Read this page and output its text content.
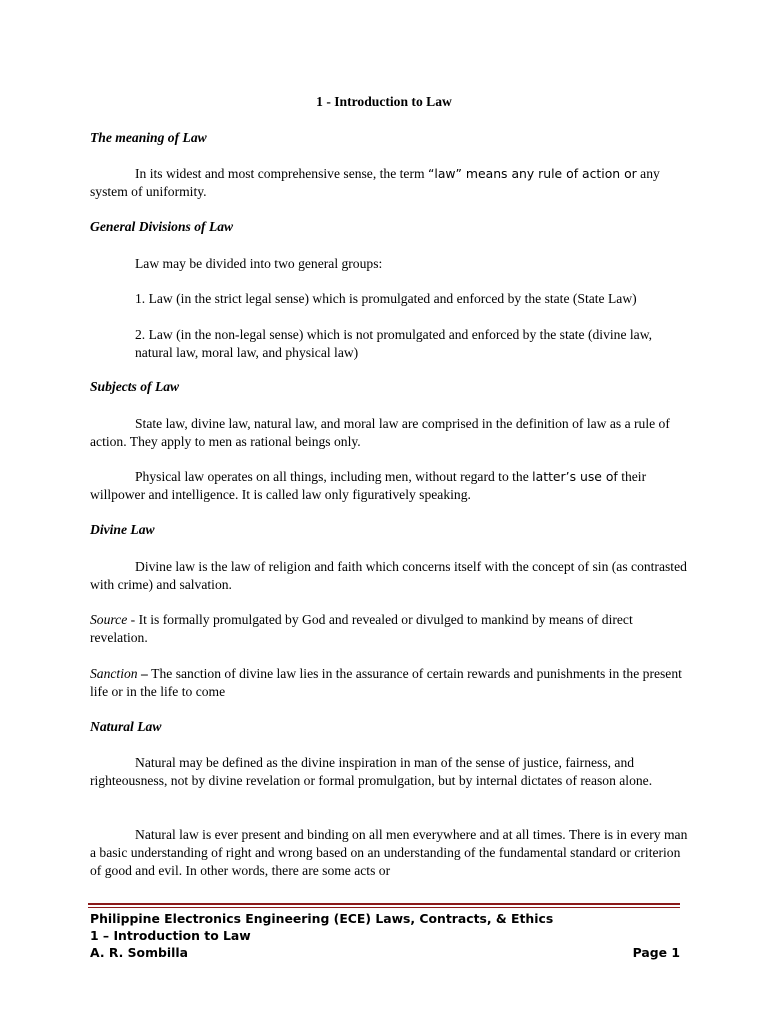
1 - Introduction to Law
The meaning of Law
In its widest and most comprehensive sense, the term “law” means any rule of action or any system of uniformity.
General Divisions of Law
Law may be divided into two general groups:
1. Law (in the strict legal sense) which is promulgated and enforced by the state (State Law)
2. Law (in the non-legal sense) which is not promulgated and enforced by the state (divine law, natural law, moral law, and physical law)
Subjects of Law
State law, divine law, natural law, and moral law are comprised in the definition of law as a rule of action. They apply to men as rational beings only.
Physical law operates on all things, including men, without regard to the latter’s use of their willpower and intelligence. It is called law only figuratively speaking.
Divine Law
Divine law is the law of religion and faith which concerns itself with the concept of sin (as contrasted with crime) and salvation.
Source - It is formally promulgated by God and revealed or divulged to mankind by means of direct revelation.
Sanction – The sanction of divine law lies in the assurance of certain rewards and punishments in the present life or in the life to come
Natural Law
Natural may be defined as the divine inspiration in man of the sense of justice, fairness, and righteousness, not by divine revelation or formal promulgation, but by internal dictates of reason alone.
Natural law is ever present and binding on all men everywhere and at all times. There is in every man a basic understanding of right and wrong based on an understanding of the fundamental standard or criterion of good and evil. In other words, there are some acts or
Philippine Electronics Engineering (ECE) Laws, Contracts, & Ethics
1 – Introduction to Law
A. R. Sombilla	Page 1
